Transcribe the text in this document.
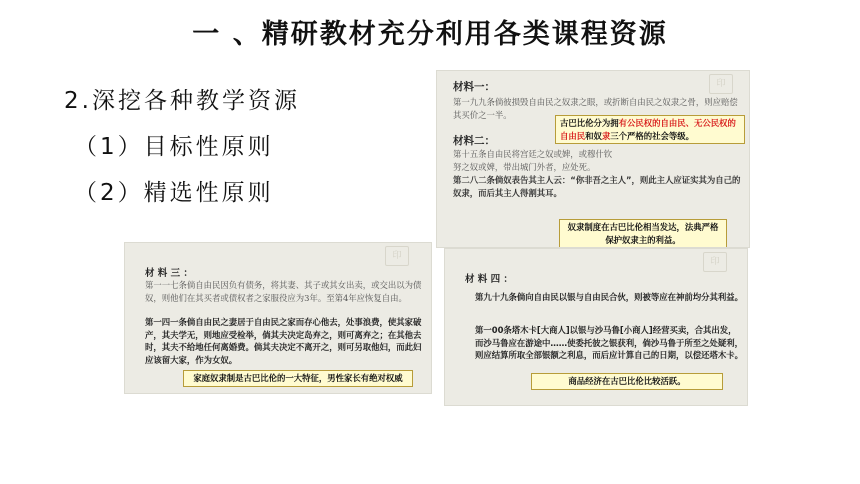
一 、精研教材充分利用各类课程资源
2.深挖各种教学资源
（1）目标性原则
（2）精选性原则
印
材料一：
第一九九条倘彼损毁自由民之奴隶之眼，或折断自由民之奴隶之骨，则应赔偿其买价之一半。
材料二：
第十五条自由民将宫廷之奴或婢，或穆什钦努之奴或婢，带出城门外者，应处死。
第二八二条倘奴表告其主人云：“你非吾之主人”，则此主人应证实其为自己的奴隶，而后其主人得割其耳。
古巴比伦分为拥有公民权的自由民、无公民权的自由民和奴隶三个严格的社会等级。
奴隶制度在古巴比伦相当发达，法典严格保护奴隶主的利益。
印
材 料 三 ：
第一一七条倘自由民因负有债务，将其妻、其子或其女出卖，或交出以为债奴，则他们在其买者或债权者之家服役应为3年。至第4年应恢复自由。
第一四一条倘自由民之妻居于自由民之家而存心他去，处事浪费，使其家破产，其夫学无，则地应受检举，倘其夫决定岛弃之，则可离弃之；在其他去时，其夫不给地任何离婚费。倘其夫决定不离开之，则可另取他妇，而此妇应该留大家，作为女奴。
家庭奴隶制是古巴比伦的一大特征，男性家长有绝对权威
印
材 料 四 ：
第九十九条倘向自由民以银与自由民合伙，则被等应在神前均分其利益。
第一00条塔木卡[大商人]以银与沙马鲁[小商人]经营买卖，合其出发，而沙马鲁应在游途中……使委托彼之银获利，倘沙马鲁于所至之处疑利，则应结算所取全部银额之利息，而后应计算自己的日期，以偿还塔木卡。
商品经济在古巴比伦比较活跃。
